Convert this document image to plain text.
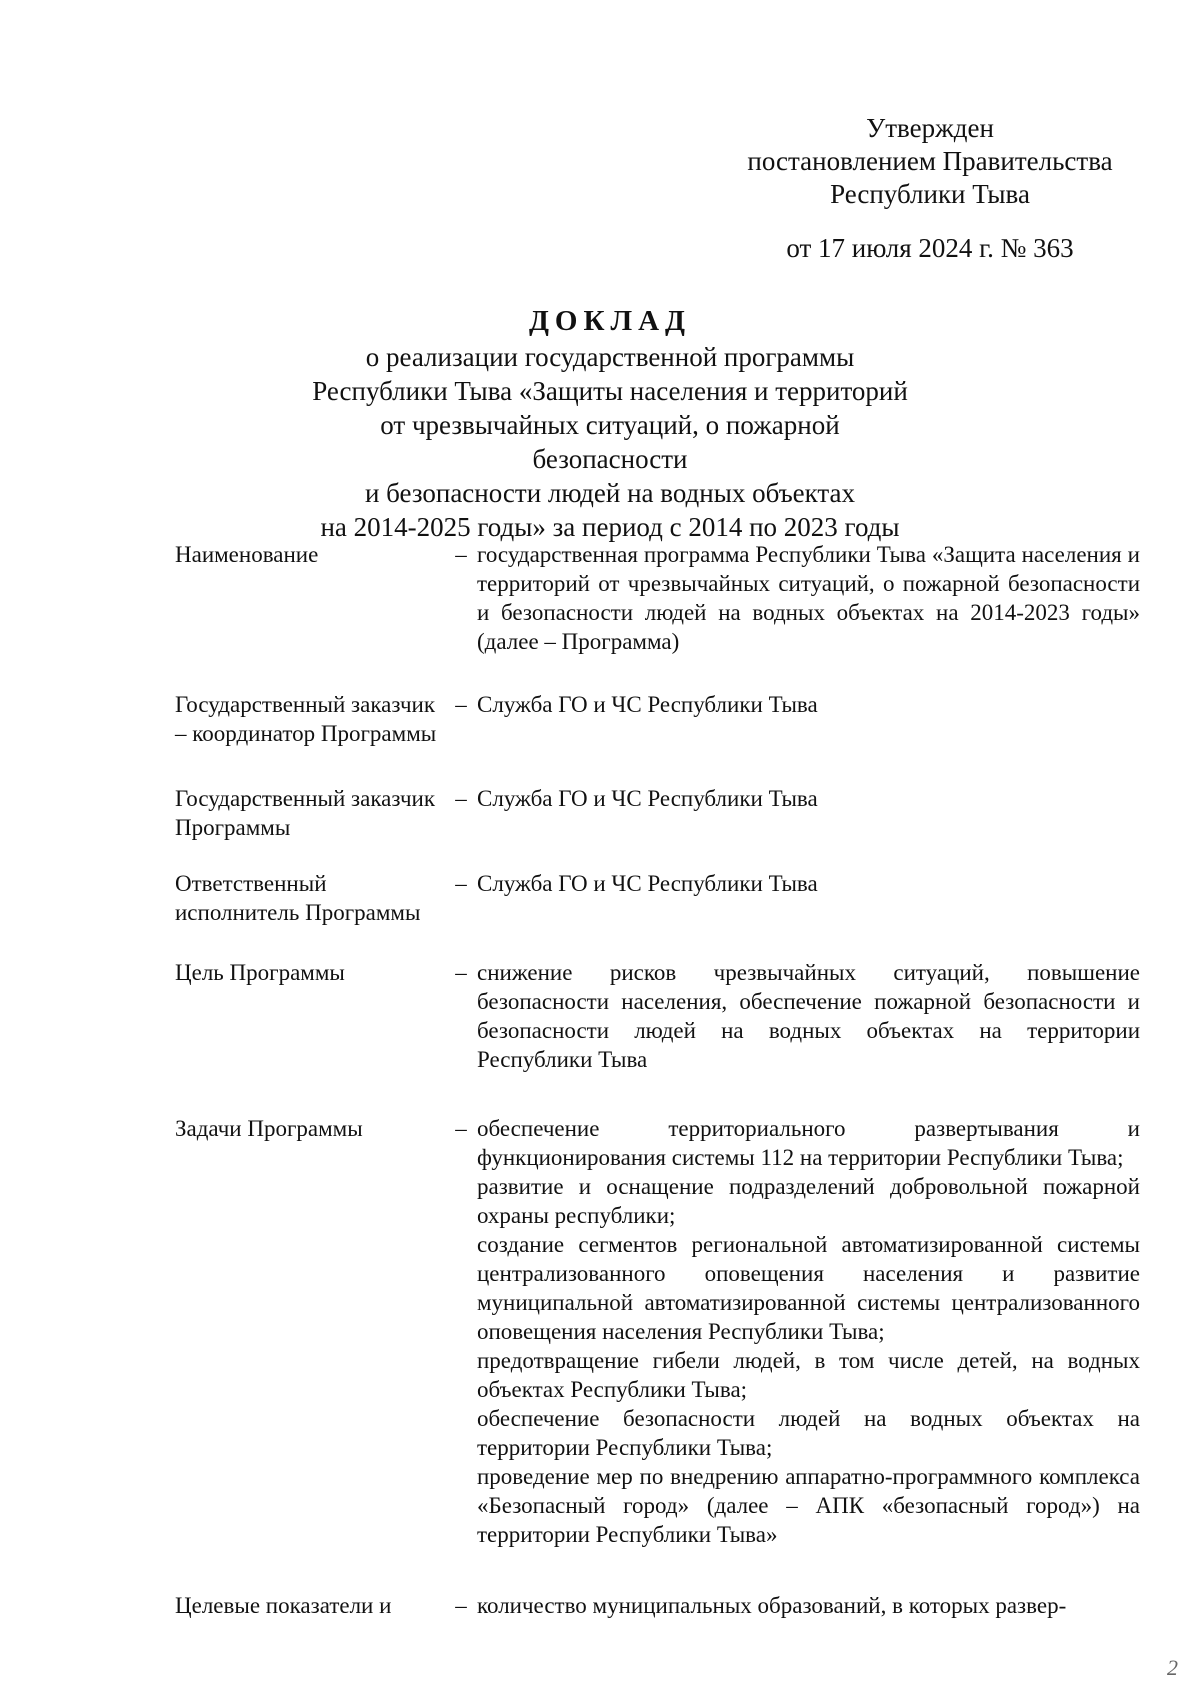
Утвержден
постановлением Правительства
Республики Тыва
от 17 июля 2024 г. № 363
ДОКЛАД
о реализации государственной программы
Республики Тыва «Защиты населения и территорий
от чрезвычайных ситуаций, о пожарной безопасности
и безопасности людей на водных объектах
на 2014-2025 годы» за период с 2014 по 2023 годы
Наименование	– государственная программа Республики Тыва «Защита населения и территорий от чрезвычайных ситуаций, о пожарной безопасности и безопасности людей на водных объектах на 2014-2023 годы» (далее – Программа)
Государственный заказчик – координатор Программы
– Служба ГО и ЧС Республики Тыва
Государственный заказчик Программы
– Служба ГО и ЧС Республики Тыва
Ответственный исполнитель Программы
– Служба ГО и ЧС Республики Тыва
Цель Программы	– снижение рисков чрезвычайных ситуаций, повышение безопасности населения, обеспечение пожарной безопасности и безопасности людей на водных объектах на территории Республики Тыва
Задачи Программы	– обеспечение территориального развертывания и функционирования системы 112 на территории Республики Тыва;
развитие и оснащение подразделений добровольной пожарной охраны республики;
создание сегментов региональной автоматизированной системы централизованного оповещения населения и развитие муниципальной автоматизированной системы централизованного оповещения населения Республики Тыва;
предотвращение гибели людей, в том числе детей, на водных объектах Республики Тыва;
обеспечение безопасности людей на водных объектах на территории Республики Тыва;
проведение мер по внедрению аппаратно-программного комплекса «Безопасный город» (далее – АПК «безопасный город») на территории Республики Тыва»
Целевые показатели и	– количество муниципальных образований, в которых развер-
2
